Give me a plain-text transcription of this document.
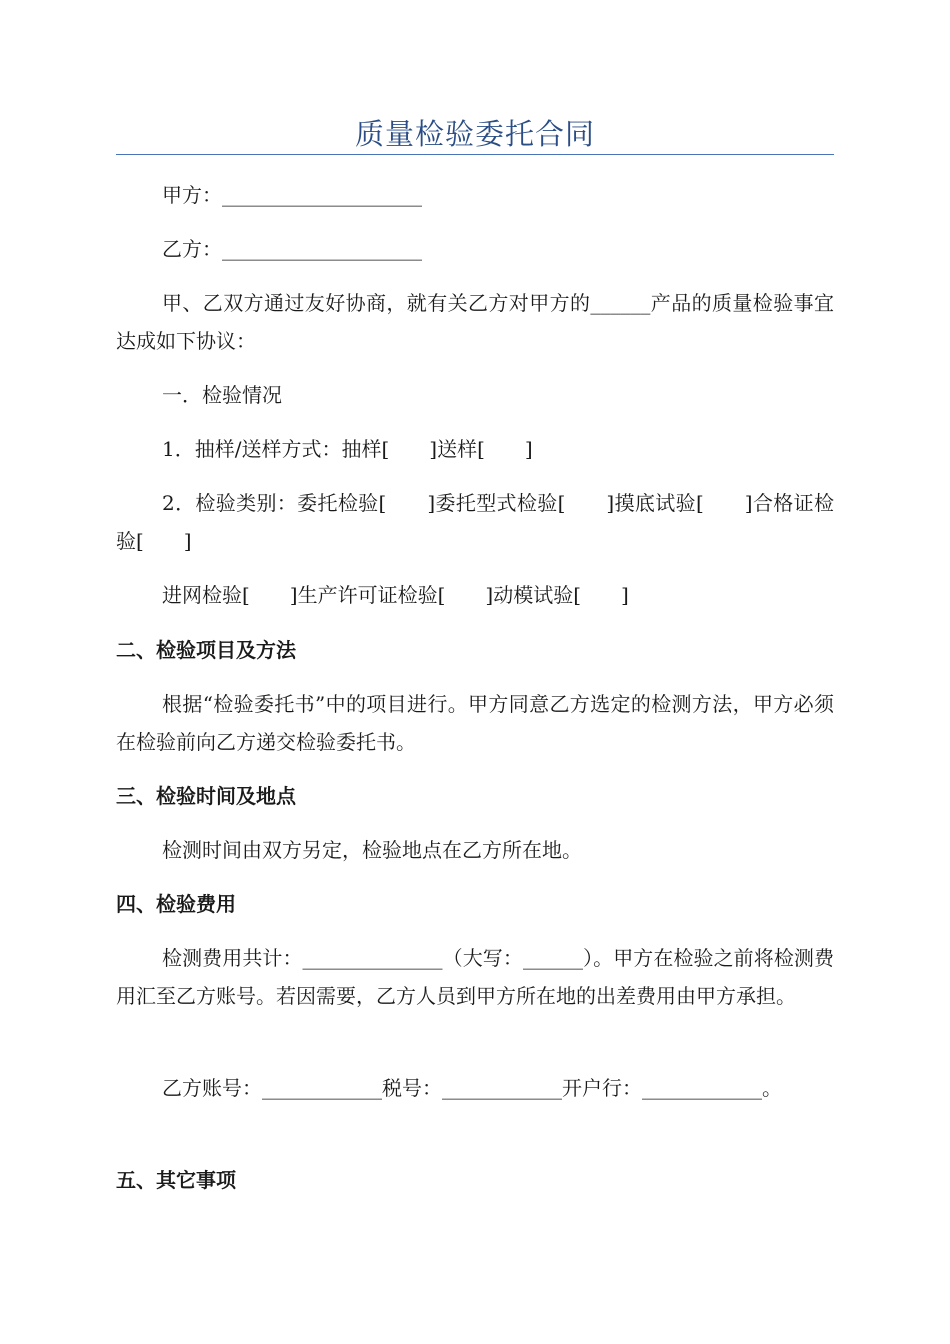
质量检验委托合同

甲方：____________________

乙方：____________________

甲、乙双方通过友好协商，就有关乙方对甲方的______产品的质量检验事宜达成如下协议：

一．检验情况

1．抽样/送样方式：抽样[　　]送样[　　]

2．检验类别：委托检验[　　]委托型式检验[　　]摸底试验[　　]合格证检验[　　]

进网检验[　　]生产许可证检验[　　]动模试验[　　]

二、检验项目及方法

根据“检验委托书”中的项目进行。甲方同意乙方选定的检测方法，甲方必须在检验前向乙方递交检验委托书。

三、检验时间及地点

检测时间由双方另定，检验地点在乙方所在地。

四、检验费用

检测费用共计：______________（大写：______）。甲方在检验之前将检测费用汇至乙方账号。若因需要，乙方人员到甲方所在地的出差费用由甲方承担。

乙方账号：____________税号：____________开户行：____________。

五、其它事项
